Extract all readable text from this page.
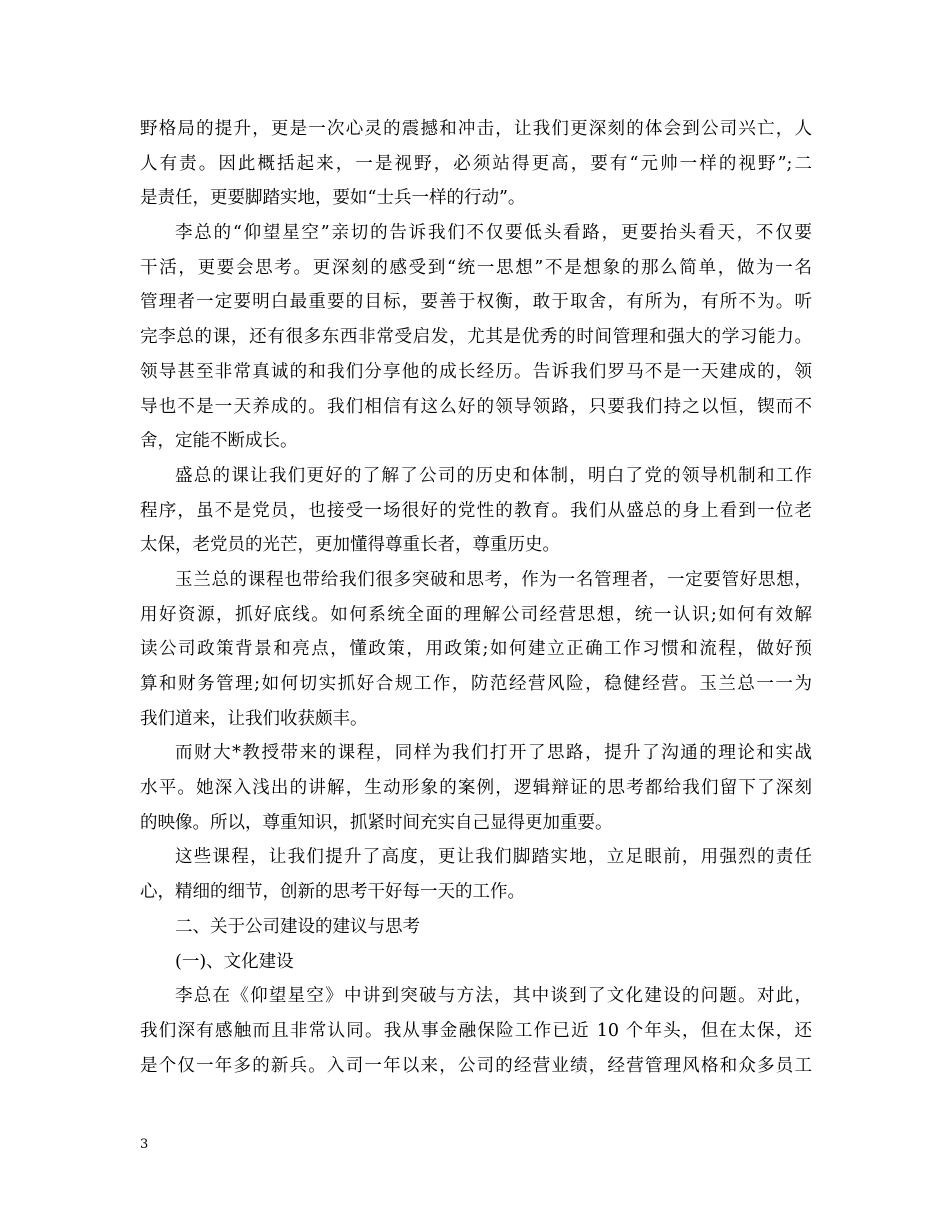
野格局的提升，更是一次心灵的震撼和冲击，让我们更深刻的体会到公司兴亡，人
人有责。因此概括起来，一是视野，必须站得更高，要有“元帅一样的视野”;二
是责任，更要脚踏实地，要如“士兵一样的行动”。
李总的“仰望星空”亲切的告诉我们不仅要低头看路，更要抬头看天，不仅要
干活，更要会思考。更深刻的感受到“统一思想”不是想象的那么简单，做为一名
管理者一定要明白最重要的目标，要善于权衡，敢于取舍，有所为，有所不为。听
完李总的课，还有很多东西非常受启发，尤其是优秀的时间管理和强大的学习能力。
领导甚至非常真诚的和我们分享他的成长经历。告诉我们罗马不是一天建成的，领
导也不是一天养成的。我们相信有这么好的领导领路，只要我们持之以恒，锲而不
舍，定能不断成长。
盛总的课让我们更好的了解了公司的历史和体制，明白了党的领导机制和工作
程序，虽不是党员，也接受一场很好的党性的教育。我们从盛总的身上看到一位老
太保，老党员的光芒，更加懂得尊重长者，尊重历史。
玉兰总的课程也带给我们很多突破和思考，作为一名管理者，一定要管好思想，
用好资源，抓好底线。如何系统全面的理解公司经营思想，统一认识;如何有效解
读公司政策背景和亮点，懂政策，用政策;如何建立正确工作习惯和流程，做好预
算和财务管理;如何切实抓好合规工作，防范经营风险，稳健经营。玉兰总一一为
我们道来，让我们收获颇丰。
而财大*教授带来的课程，同样为我们打开了思路，提升了沟通的理论和实战
水平。她深入浅出的讲解，生动形象的案例，逻辑辩证的思考都给我们留下了深刻
的映像。所以，尊重知识，抓紧时间充实自己显得更加重要。
这些课程，让我们提升了高度，更让我们脚踏实地，立足眼前，用强烈的责任
心，精细的细节，创新的思考干好每一天的工作。
二、关于公司建设的建议与思考
(一)、文化建设
李总在《仰望星空》中讲到突破与方法，其中谈到了文化建设的问题。对此，
我们深有感触而且非常认同。我从事金融保险工作已近 10 个年头，但在太保，还
是个仅一年多的新兵。入司一年以来，公司的经营业绩，经营管理风格和众多员工
3
